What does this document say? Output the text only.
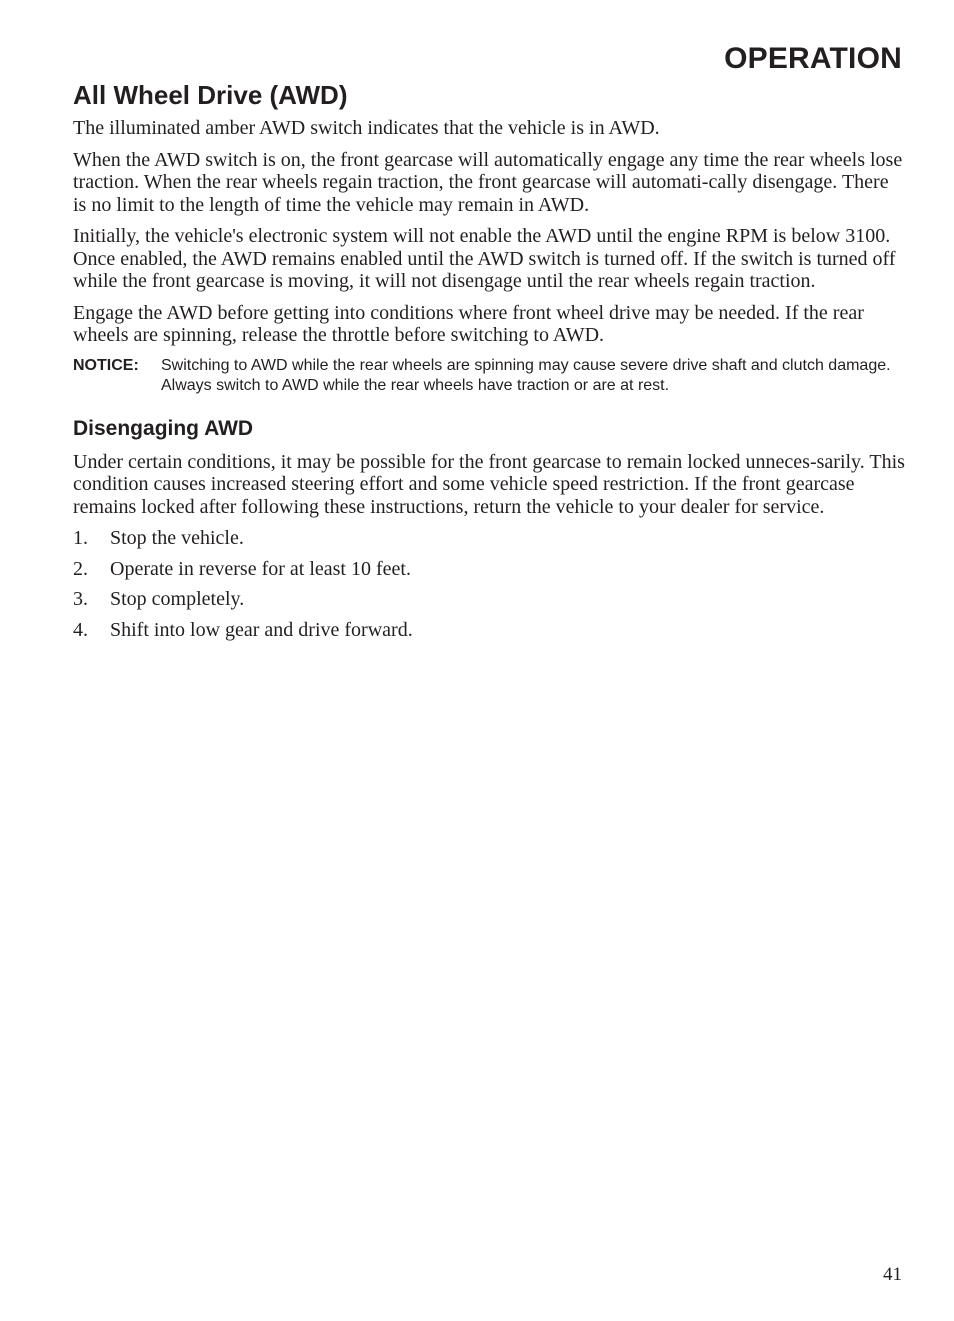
OPERATION
All Wheel Drive (AWD)

The illuminated amber AWD switch indicates that the vehicle is in AWD.

When the AWD switch is on, the front gearcase will automatically engage any time the rear wheels lose traction. When the rear wheels regain traction, the front gearcase will automati-cally disengage. There is no limit to the length of time the vehicle may remain in AWD.

Initially, the vehicle's electronic system will not enable the AWD until the engine RPM is below 3100. Once enabled, the AWD remains enabled until the AWD switch is turned off. If the switch is turned off while the front gearcase is moving, it will not disengage until the rear wheels regain traction.

Engage the AWD before getting into conditions where front wheel drive may be needed. If the rear wheels are spinning, release the throttle before switching to AWD.

NOTICE:	Switching to AWD while the rear wheels are spinning may cause severe drive shaft and clutch damage. Always switch to AWD while the rear wheels have traction or are at rest.
Disengaging AWD

Under certain conditions, it may be possible for the front gearcase to remain locked unneces-sarily. This condition causes increased steering effort and some vehicle speed restriction. If the front gearcase remains locked after following these instructions, return the vehicle to your dealer for service.

1.	Stop the vehicle.
2.	Operate in reverse for at least 10 feet.
3.	Stop completely.
4.	Shift into low gear and drive forward.

41
